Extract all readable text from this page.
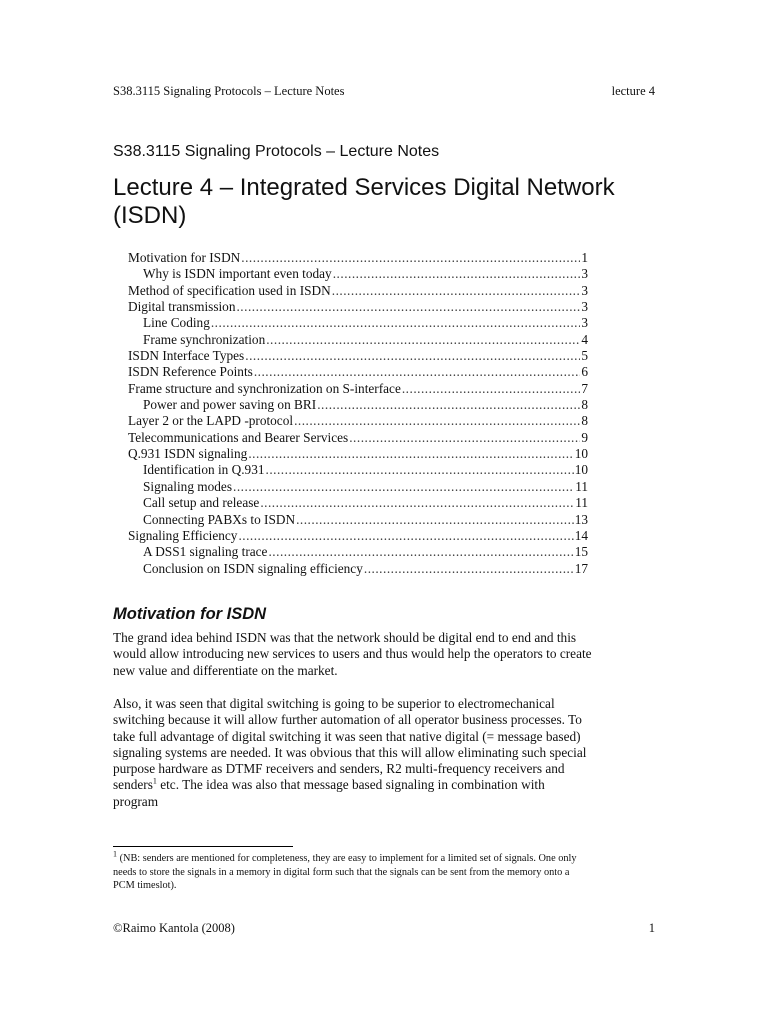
S38.3115 Signaling Protocols – Lecture Notes	lecture 4
S38.3115 Signaling Protocols – Lecture Notes
Lecture 4 – Integrated Services Digital Network (ISDN)
Motivation for ISDN .....	1
Why is ISDN important even today .....	3
Method of specification used in ISDN .....	3
Digital transmission .....	3
Line Coding .....	3
Frame synchronization .....	4
ISDN Interface Types .....	5
ISDN Reference Points .....	6
Frame structure and synchronization on S-interface .....	7
Power and power saving on BRI .....	8
Layer 2 or the LAPD -protocol .....	8
Telecommunications and Bearer Services .....	9
Q.931 ISDN signaling .....	10
Identification in Q.931 .....	10
Signaling modes .....	11
Call setup and release .....	11
Connecting PABXs to ISDN .....	13
Signaling Efficiency .....	14
A DSS1 signaling trace .....	15
Conclusion on ISDN signaling efficiency .....	17
Motivation for ISDN

The grand idea behind ISDN was that the network should be digital end to end and this would allow introducing new services to users and thus would help the operators to create new value and differentiate on the market.

Also, it was seen that digital switching is going to be superior to electromechanical switching because it will allow further automation of all operator business processes. To take full advantage of digital switching it was seen that native digital (= message based) signaling systems are needed. It was obvious that this will allow eliminating such special purpose hardware as DTMF receivers and senders, R2 multi-frequency receivers and senders$^1$ etc. The idea was also that message based signaling in combination with program

$^1$ (NB: senders are mentioned for completeness, they are easy to implement for a limited set of signals. One only needs to store the signals in a memory in digital form such that the signals can be sent from the memory onto a PCM timeslot).

©Raimo Kantola (2008)	1
